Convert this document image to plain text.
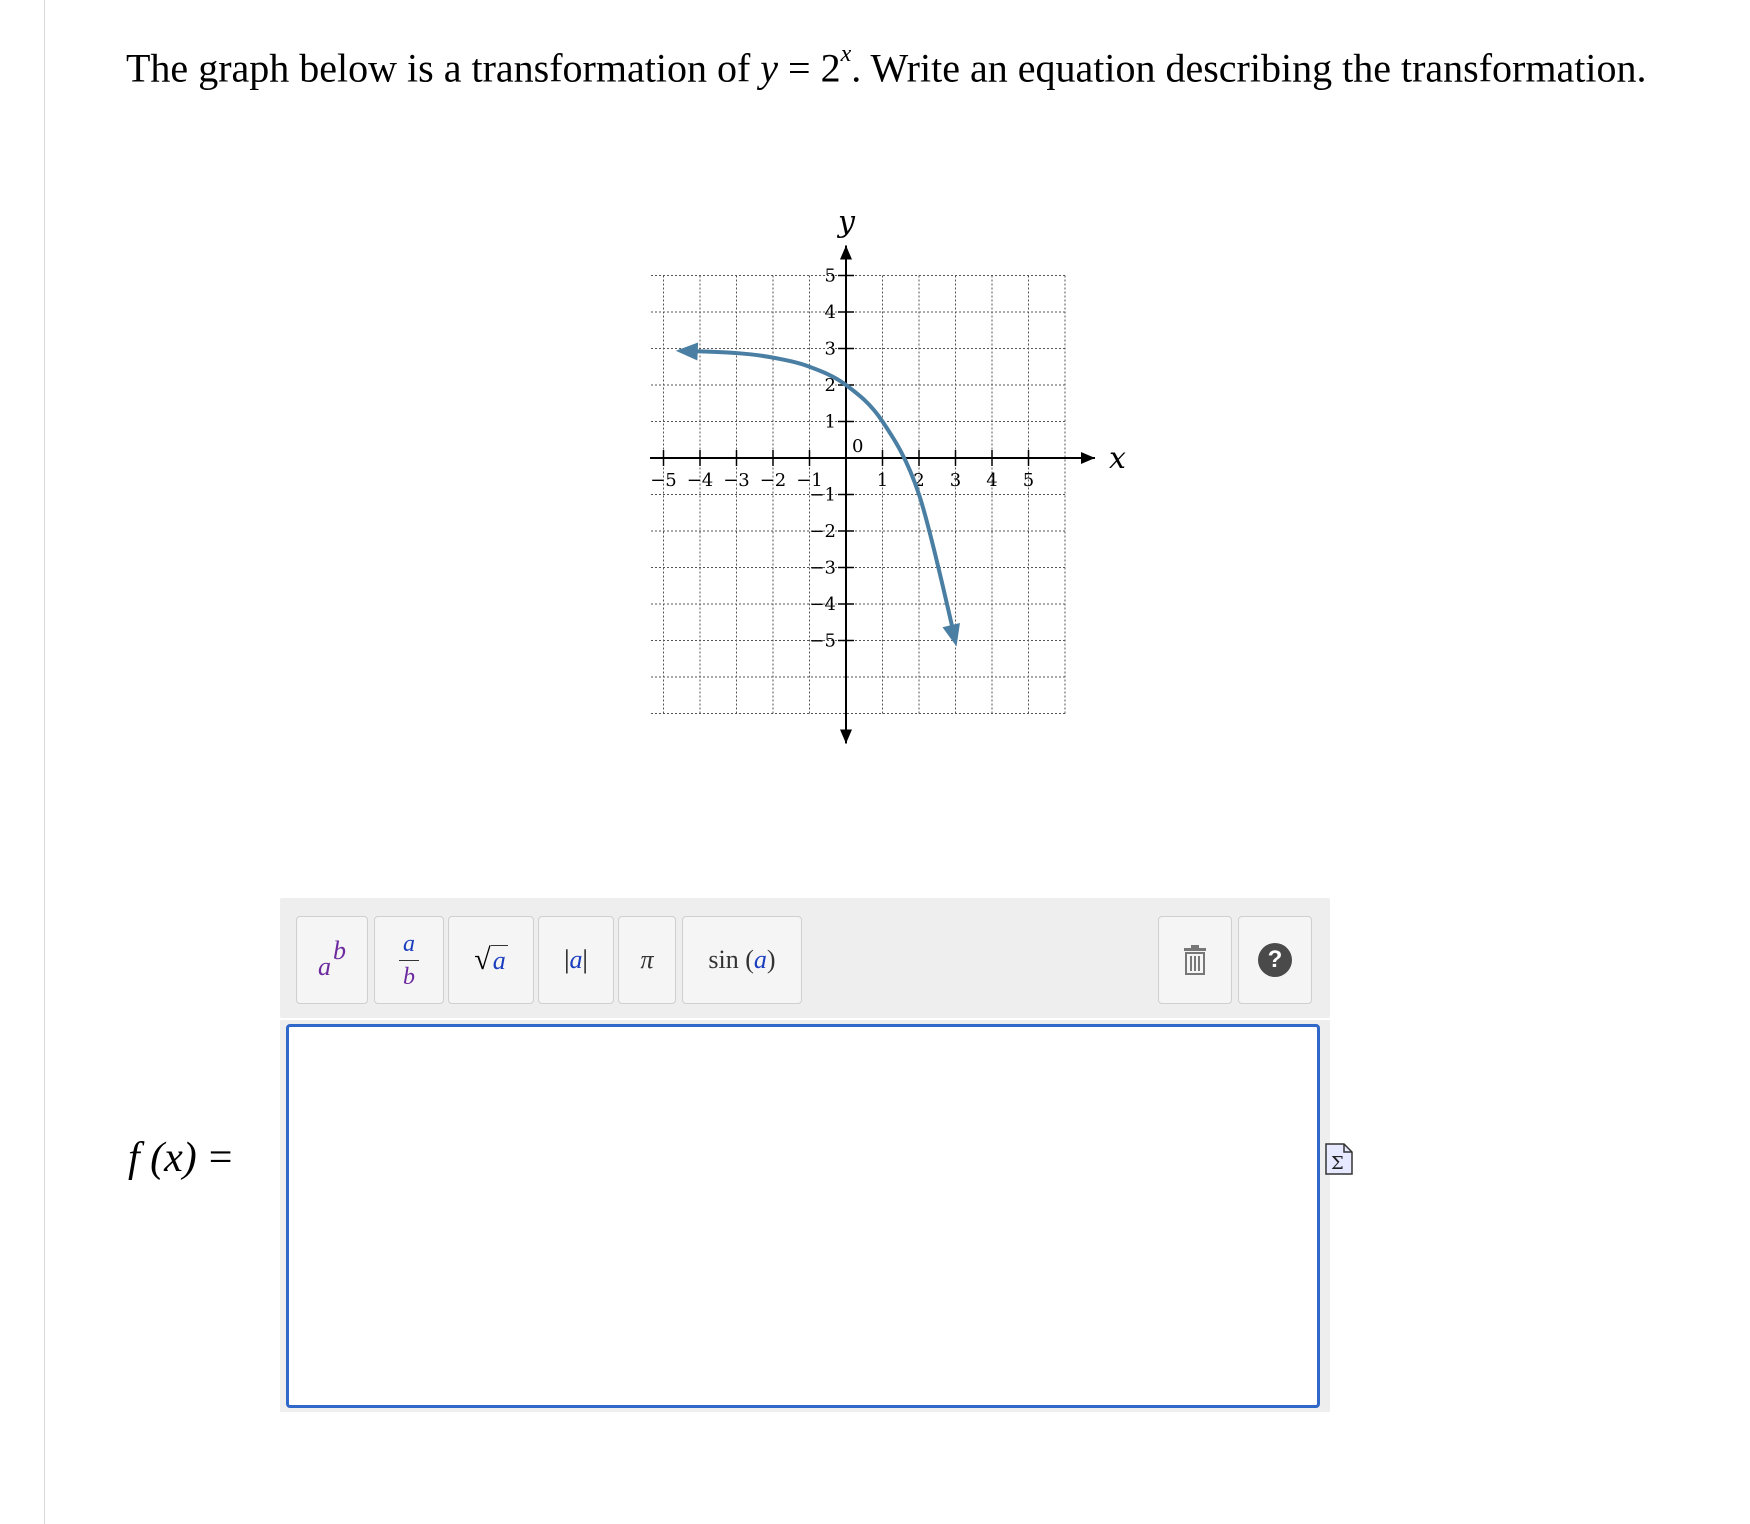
The graph below is a transformation of $y = 2^x$. Write an equation describing the transformation.
x
y
−5 −4 −3 −2 −1	1 2 3 4 5
5
4
3
2
1
−1
−2
−3
−4
−5
0
a
b a
b
√ a | a | π sin ( a )	?
f (x) =	Σ
